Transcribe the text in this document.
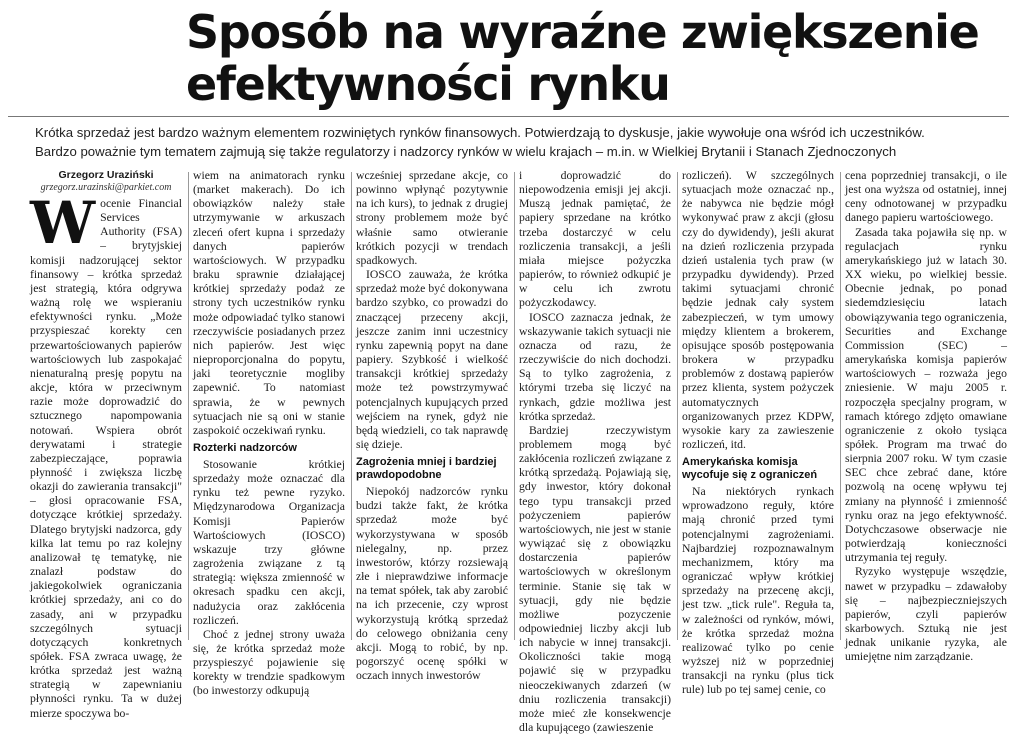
Sposób na wyraźne zwiększenie
efektywności rynku

Krótka sprzedaż jest bardzo ważnym elementem rozwiniętych rynków finansowych. Potwierdzają to dyskusje, jakie wywołuje ona wśród ich uczestników.

Bardzo poważnie tym tematem zajmują się także regulatorzy i nadzorcy rynków w wielu krajach – m.in. w Wielkiej Brytanii i Stanach Zjednoczonych

Grzegorz Uraziński
grzegorz.urazinski@parkiet.com
W ocenie Financial Services Authority (FSA) – brytyjskiej komisji nadzorującej sektor finansowy – krótka sprzedaż jest strategią, która odgrywa ważną rolę we wspieraniu efektywności rynku. „Może przyspieszać korekty cen przewartościowanych papierów wartościowych lub zaspokajać nienaturalną presję popytu na akcje, która w przeciwnym razie może doprowadzić do sztucznego napompowania notowań. Wspiera obrót derywatami i strategie zabezpieczające, poprawia płynność i zwiększa liczbę okazji do zawierania transakcji" – głosi opracowanie FSA, dotyczące krótkiej sprzedaży. Dlatego brytyjski nadzorca, gdy kilka lat temu po raz kolejny analizował tę tematykę, nie znalazł podstaw do jakiegokolwiek ograniczania krótkiej sprzedaży, ani co do zasady, ani w przypadku szczególnych sytuacji dotyczących konkretnych spółek. FSA zwraca uwagę, że krótka sprzedaż jest ważną strategią w zapewnianiu płynności rynku. Ta w dużej mierze spoczywa bo-

wiem na animatorach rynku (market makerach). Do ich obowiązków należy stałe utrzymywanie w arkuszach zleceń ofert kupna i sprzedaży danych papierów wartościowych. W przypadku braku sprawnie działającej krótkiej sprzedaży podaż ze strony tych uczestników rynku może odpowiadać tylko stanowi rzeczywiście posiadanych przez nich papierów. Jest więc nieproporcjonalna do popytu, jaki teoretycznie mogliby zapewnić. To natomiast sprawia, że w pewnych sytuacjach nie są oni w stanie zaspokoić oczekiwań rynku.

Rozterki nadzorców

Stosowanie krótkiej sprzedaży może oznaczać dla rynku też pewne ryzyko. Międzynarodowa Organizacja Komisji Papierów Wartościowych (IOSCO) wskazuje trzy główne zagrożenia związane z tą strategią: większa zmienność w okresach spadku cen akcji, nadużycia oraz zakłócenia rozliczeń.

Choć z jednej strony uważa się, że krótka sprzedaż może przyspieszyć pojawienie się korekty w trendzie spadkowym (bo inwestorzy odkupują

wcześniej sprzedane akcje, co powinno wpłynąć pozytywnie na ich kurs), to jednak z drugiej strony problemem może być właśnie samo otwieranie krótkich pozycji w trendach spadkowych.

IOSCO zauważa, że krótka sprzedaż może być dokonywana bardzo szybko, co prowadzi do znaczącej przeceny akcji, jeszcze zanim inni uczestnicy rynku zapewnią popyt na dane papiery. Szybkość i wielkość transakcji krótkiej sprzedaży może też powstrzymywać potencjalnych kupujących przed wejściem na rynek, gdyż nie będą wiedzieli, co tak naprawdę się dzieje.

Zagrożenia mniej i bardziej prawdopodobne

Niepokój nadzorców rynku budzi także fakt, że krótka sprzedaż może być wykorzystywana w sposób nielegalny, np. przez inwestorów, którzy rozsiewają złe i nieprawdziwe informacje na temat spółek, tak aby zarobić na ich przecenie, czy wprost wykorzystują krótką sprzedaż do celowego obniżania ceny akcji. Mogą to robić, by np. pogorszyć ocenę spółki w oczach innych inwestorów

i doprowadzić do niepowodzenia emisji jej akcji. Muszą jednak pamiętać, że papiery sprzedane na krótko trzeba dostarczyć w celu rozliczenia transakcji, a jeśli miała miejsce pożyczka papierów, to również odkupić je w celu ich zwrotu pożyczkodawcy.

IOSCO zaznacza jednak, że wskazywanie takich sytuacji nie oznacza od razu, że rzeczywiście do nich dochodzi. Są to tylko zagrożenia, z którymi trzeba się liczyć na rynkach, gdzie możliwa jest krótka sprzedaż.

Bardziej rzeczywistym problemem mogą być zakłócenia rozliczeń związane z krótką sprzedażą. Pojawiają się, gdy inwestor, który dokonał tego typu transakcji przed pożyczeniem papierów wartościowych, nie jest w stanie wywiązać się z obowiązku dostarczenia papierów wartościowych w określonym terminie. Stanie się tak w sytuacji, gdy nie będzie możliwe pozyczenie odpowiedniej liczby akcji lub ich nabycie w innej transakcji. Okoliczności takie mogą pojawić się w przypadku nieoczekiwanych zdarzeń (w dniu rozliczenia transakcji) może mieć złe konsekwencje dla kupującego (zawieszenie

rozliczeń). W szczególnych sytuacjach może oznaczać np., że nabywca nie będzie mógł wykonywać praw z akcji (głosu czy do dywidendy), jeśli akurat na dzień rozliczenia przypada dzień ustalenia tych praw (w przypadku dywidendy). Przed takimi sytuacjami chronić będzie jednak cały system zabezpieczeń, w tym umowy między klientem a brokerem, opisujące sposób postępowania brokera w przypadku problemów z dostawą papierów przez klienta, system pożyczek automatycznych organizowanych przez KDPW, wysokie kary za zawieszenie rozliczeń, itd.

Amerykańska komisja wycofuje się z ograniczeń

Na niektórych rynkach wprowadzono reguły, które mają chronić przed tymi potencjalnymi zagrożeniami. Najbardziej rozpoznawalnym mechanizmem, który ma ograniczać wpływ krótkiej sprzedaży na przecenę akcji, jest tzw. „tick rule". Reguła ta, w zależności od rynków, mówi, że krótka sprzedaż można realizować tylko po cenie wyższej niż w poprzedniej transakcji na rynku (plus tick rule) lub po tej samej cenie, co

cena poprzedniej transakcji, o ile jest ona wyższa od ostatniej, innej ceny odnotowanej w przypadku danego papieru wartościowego.

Zasada taka pojawiła się np. w regulacjach rynku amerykańskiego już w latach 30. XX wieku, po wielkiej bessie. Obecnie jednak, po ponad siedemdziesięciu latach obowiązywania tego ograniczenia, Securities and Exchange Commission (SEC) – amerykańska komisja papierów wartościowych – rozważa jego zniesienie. W maju 2005 r. rozpoczęła specjalny program, w ramach którego zdjęto omawiane ograniczenie z około tysiąca spółek. Program ma trwać do sierpnia 2007 roku. W tym czasie SEC chce zebrać dane, które pozwolą na ocenę wpływu tej zmiany na płynność i zmienność rynku oraz na jego efektywność. Dotychczasowe obserwacje nie potwierdzają konieczności utrzymania tej reguły.

Ryzyko występuje wszędzie, nawet w przypadku – zdawałoby się – najbezpieczniejszych papierów, czyli papierów skarbowych. Sztuką nie jest jednak unikanie ryzyka, ale umiejętne nim zarządzanie.
